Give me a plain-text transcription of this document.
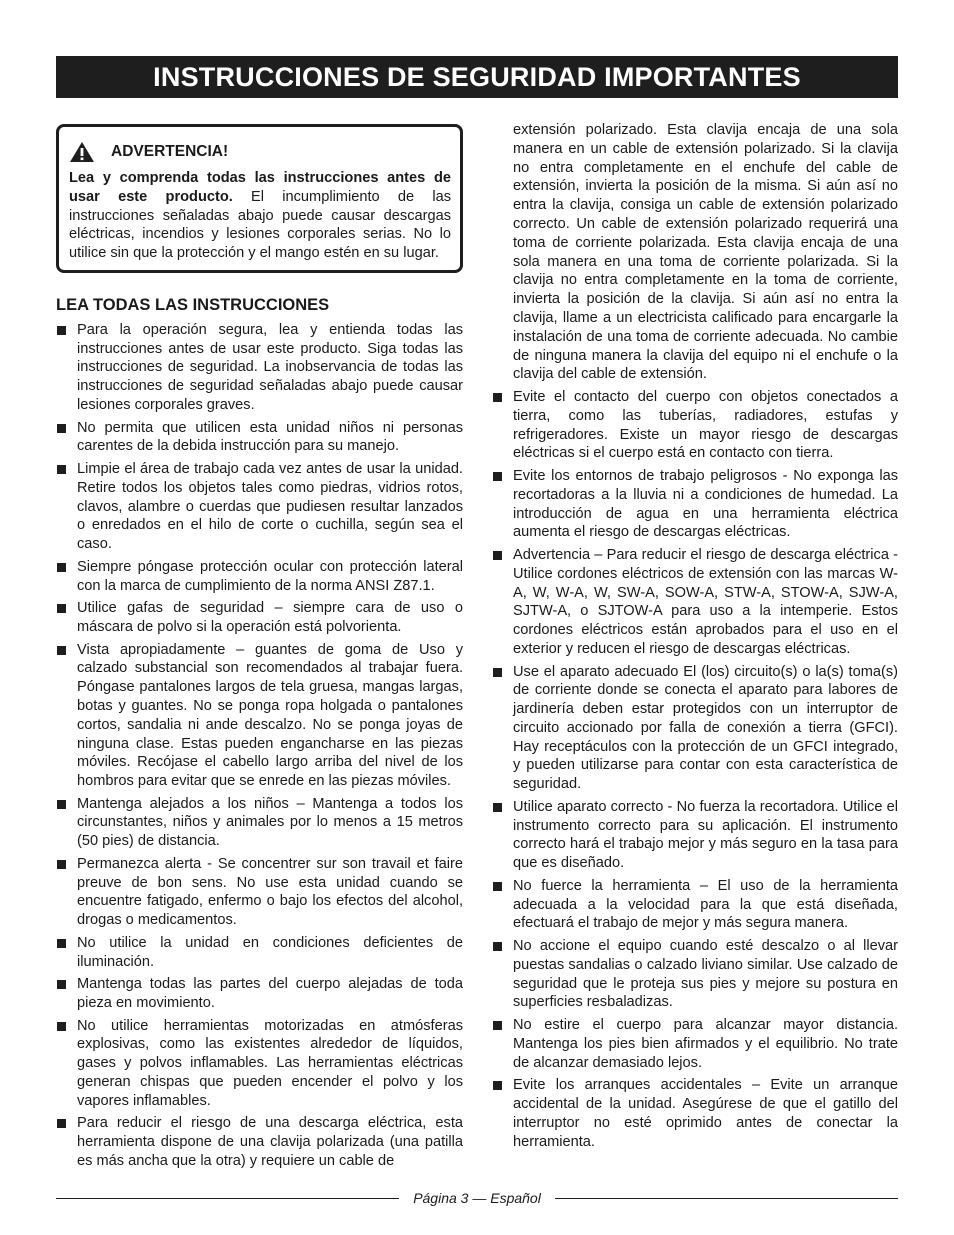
INSTRUCCIONES DE SEGURIDAD IMPORTANTES
ADVERTENCIA!
Lea y comprenda todas las instrucciones antes de usar este producto. El incumplimiento de las instrucciones señaladas abajo puede causar descargas eléctricas, incendios y lesiones corporales serias. No lo utilice sin que la protección y el mango estén en su lugar.
LEA TODAS LAS INSTRUCCIONES
Para la operación segura, lea y entienda todas las instrucciones antes de usar este producto. Siga todas las instrucciones de seguridad. La inobservancia de todas las instrucciones de seguridad señaladas abajo puede causar lesiones corporales graves.
No permita que utilicen esta unidad niños ni personas carentes de la debida instrucción para su manejo.
Limpie el área de trabajo cada vez antes de usar la unidad. Retire todos los objetos tales como piedras, vidrios rotos, clavos, alambre o cuerdas que pudiesen resultar lanzados o enredados en el hilo de corte o cuchilla, según sea el caso.
Siempre póngase protección ocular con protección lateral con la marca de cumplimiento de la norma ANSI Z87.1.
Utilice gafas de seguridad – siempre cara de uso o máscara de polvo si la operación está polvorienta.
Vista apropiadamente – guantes de goma de Uso y calzado substancial son recomendados al trabajar fuera. Póngase pantalones largos de tela gruesa, mangas largas, botas y guantes. No se ponga ropa holgada o pantalones cortos, sandalia ni ande descalzo. No se ponga joyas de ninguna clase. Estas pueden engancharse en las piezas móviles. Recójase el cabello largo arriba del nivel de los hombros para evitar que se enrede en las piezas móviles.
Mantenga alejados a los niños – Mantenga a todos los circunstantes, niños y animales por lo menos a 15 metros (50 pies) de distancia.
Permanezca alerta - Se concentrer sur son travail et faire preuve de bon sens. No use esta unidad cuando se encuentre fatigado, enfermo o bajo los efectos del alcohol, drogas o medicamentos.
No utilice la unidad en condiciones deficientes de iluminación.
Mantenga todas las partes del cuerpo alejadas de toda pieza en movimiento.
No utilice herramientas motorizadas en atmósferas explosivas, como las existentes alrededor de líquidos, gases y polvos inflamables. Las herramientas eléctricas generan chispas que pueden encender el polvo y los vapores inflamables.
Para reducir el riesgo de una descarga eléctrica, esta herramienta dispone de una clavija polarizada (una patilla es más ancha que la otra) y requiere un cable de
extensión polarizado. Esta clavija encaja de una sola manera en un cable de extensión polarizado. Si la clavija no entra completamente en el enchufe del cable de extensión, invierta la posición de la misma. Si aún así no entra la clavija, consiga un cable de extensión polarizado correcto. Un cable de extensión polarizado requerirá una toma de corriente polarizada. Esta clavija encaja de una sola manera en una toma de corriente polarizada. Si la clavija no entra completamente en la toma de corriente, invierta la posición de la clavija. Si aún así no entra la clavija, llame a un electricista calificado para encargarle la instalación de una toma de corriente adecuada. No cambie de ninguna manera la clavija del equipo ni el enchufe o la clavija del cable de extensión.
Evite el contacto del cuerpo con objetos conectados a tierra, como las tuberías, radiadores, estufas y refrigeradores. Existe un mayor riesgo de descargas eléctricas si el cuerpo está en contacto con tierra.
Evite los entornos de trabajo peligrosos - No exponga las recortadoras a la lluvia ni a condiciones de humedad. La introducción de agua en una herramienta eléctrica aumenta el riesgo de descargas eléctricas.
Advertencia – Para reducir el riesgo de descarga eléctrica - Utilice cordones eléctricos de extensión con las marcas W-A, W, W-A, W, SW-A, SOW-A, STW-A, STOW-A, SJW-A, SJTW-A, o SJTOW-A para uso a la intemperie. Estos cordones eléctricos están aprobados para el uso en el exterior y reducen el riesgo de descargas eléctricas.
Use el aparato adecuado El (los) circuito(s) o la(s) toma(s) de corriente donde se conecta el aparato para labores de jardinería deben estar protegidos con un interruptor de circuito accionado por falla de conexión a tierra (GFCI). Hay receptáculos con la protección de un GFCI integrado, y pueden utilizarse para contar con esta característica de seguridad.
Utilice aparato correcto - No fuerza la recortadora. Utilice el instrumento correcto para su aplicación. El instrumento correcto hará el trabajo mejor y más seguro en la tasa para que es diseñado.
No fuerce la herramienta – El uso de la herramienta adecuada a la velocidad para la que está diseñada, efectuará el trabajo de mejor y más segura manera.
No accione el equipo cuando esté descalzo o al llevar puestas sandalias o calzado liviano similar. Use calzado de seguridad que le proteja sus pies y mejore su postura en superficies resbaladizas.
No estire el cuerpo para alcanzar mayor distancia. Mantenga los pies bien afirmados y el equilibrio. No trate de alcanzar demasiado lejos.
Evite los arranques accidentales – Evite un arranque accidental de la unidad. Asegúrese de que el gatillo del interruptor no esté oprimido antes de conectar la herramienta.
Página 3 — Español
